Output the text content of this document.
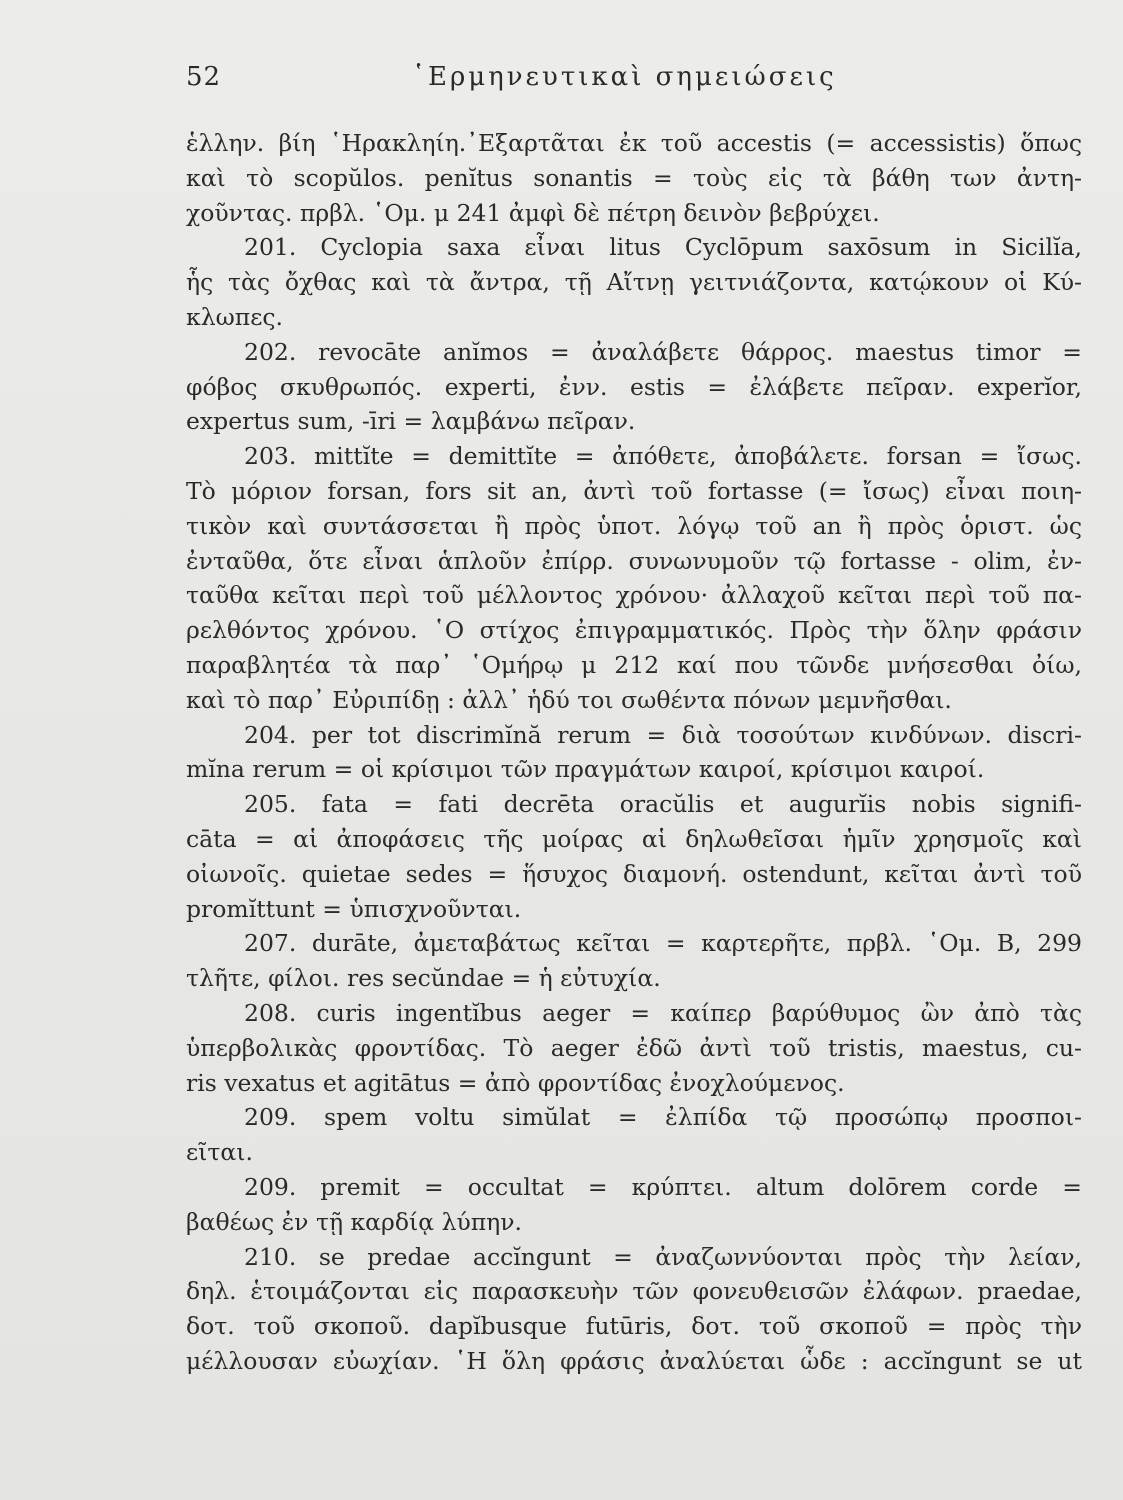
52	῾Ερμηνευτικαὶ σημειώσεις
ἑλλην. βίη ῾Ηρακληίη.᾿Εξαρτᾶται ἐκ τοῦ accestis (= accessistis) ὅπως
καὶ τὸ scopŭlos. penĭtus sonantis = τοὺς εἰς τὰ βάθη των ἀντη-
χοῦντας. πρβλ. ῾Ομ. μ 241 ἀμφὶ δὲ πέτρη δεινὸν βεβρύχει.
201. Cyclopia saxa εἶναι litus Cyclōpum saxōsum in Sicilĭa,
ἧς τὰς ὄχθας καὶ τὰ ἄντρα, τῇ Αἴτνῃ γειτνιάζοντα, κατῴκουν οἱ Κύ-
κλωπες.
202. revocāte anĭmos = ἀναλάβετε θάρρος. maestus timor =
φόβος σκυθρωπός. experti, ἐνν. estis = ἐλάβετε πεῖραν. experĭor,
expertus sum, -īri = λαμβάνω πεῖραν.
203. mittĭte = demittĭte = ἀπόθετε, ἀποβάλετε. forsan = ἴσως.
Τὸ μόριον forsan, fors sit an, ἀντὶ τοῦ fortasse (= ἴσως) εἶναι ποιη-
τικὸν καὶ συντάσσεται ἢ πρὸς ὑποτ. λόγῳ τοῦ an ἢ πρὸς ὁριστ. ὡς
ἐνταῦθα, ὅτε εἶναι ἁπλοῦν ἐπίρρ. συνωνυμοῦν τῷ fortasse - olim, ἐν-
ταῦθα κεῖται περὶ τοῦ μέλλοντος χρόνου· ἀλλαχοῦ κεῖται περὶ τοῦ πα-
ρελθόντος χρόνου. ῾Ο στίχος ἐπιγραμματικός. Πρὸς τὴν ὅλην φράσιν
παραβλητέα τὰ παρ᾿ ῾Ομήρῳ μ 212 καί που τῶνδε μνήσεσθαι ὀίω,
καὶ τὸ παρ᾿ Εὐριπίδῃ : ἀλλ᾿ ἡδύ τοι σωθέντα πόνων μεμνῆσθαι.
204. per tot discrimĭnă rerum = διὰ τοσούτων κινδύνων. discri-
mĭna rerum = οἱ κρίσιμοι τῶν πραγμάτων καιροί, κρίσιμοι καιροί.
205. fata = fati decrēta oracŭlis et augurĭis nobis signifi-
cāta = αἱ ἀποφάσεις τῆς μοίρας αἱ δηλωθεῖσαι ἡμῖν χρησμοῖς καὶ
οἰωνοῖς. quietae sedes = ἥσυχος διαμονή. ostendunt, κεῖται ἀντὶ τοῦ
promĭttunt = ὑπισχνοῦνται.
207. durāte, ἀμεταβάτως κεῖται = καρτερῆτε, πρβλ. ῾Ομ. Β, 299
τλῆτε, φίλοι. res secŭndae = ἡ εὐτυχία.
208. curis ingentĭbus aeger = καίπερ βαρύθυμος ὢν ἀπὸ τὰς
ὑπερβολικὰς φροντίδας. Τὸ aeger ἐδῶ ἀντὶ τοῦ tristis, maestus, cu-
ris vexatus et agitātus = ἀπὸ φροντίδας ἐνοχλούμενος.
209. spem voltu simŭlat = ἐλπίδα τῷ προσώπῳ προσποι-
εῖται.
209. premit = occultat = κρύπτει. altum dolōrem corde =
βαθέως ἐν τῇ καρδίᾳ λύπην.
210. se predae accĭngunt = ἀναζωννύονται πρὸς τὴν λείαν,
δηλ. ἑτοιμάζονται εἰς παρασκευὴν τῶν φονευθεισῶν ἐλάφων. praedae,
δοτ. τοῦ σκοποῦ. dapĭbusque futūris, δοτ. τοῦ σκοποῦ = πρὸς τὴν
μέλλουσαν εὐωχίαν. ῾Η ὅλη φράσις ἀναλύεται ὧδε : accĭngunt se ut
